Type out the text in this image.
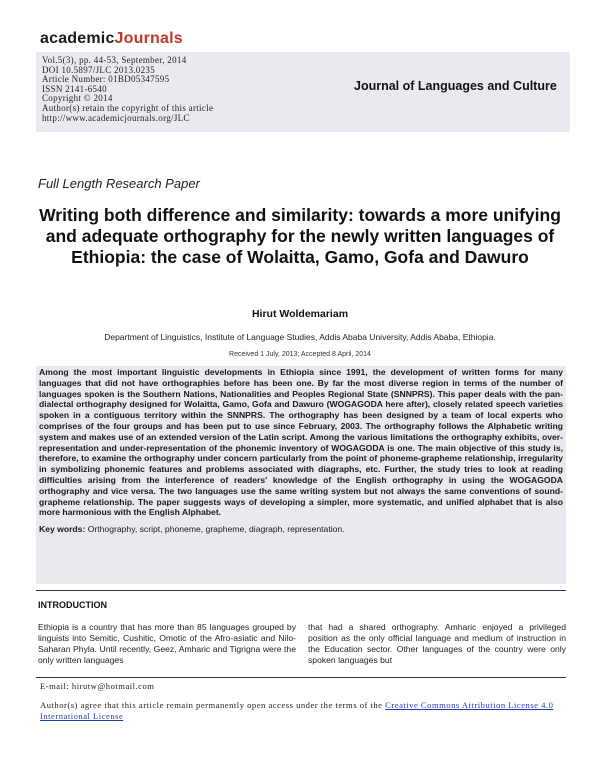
academicJournals
Vol.5(3), pp. 44-53, September, 2014
DOI 10.5897/JLC 2013.0235
Article Number: 01BD05347595
ISSN 2141-6540
Copyright © 2014
Author(s) retain the copyright of this article
http://www.academicjournals.org/JLC
Journal of Languages and Culture
Full Length Research Paper
Writing both difference and similarity: towards a more unifying and adequate orthography for the newly written languages of Ethiopia: the case of Wolaitta, Gamo, Gofa and Dawuro
Hirut Woldemariam
Department of Linguistics, Institute of Language Studies, Addis Ababa University, Addis Ababa, Ethiopia.
Received 1 July, 2013; Accepted 8 April, 2014

Among the most important linguistic developments in Ethiopia since 1991, the development of written forms for many languages that did not have orthographies before has been one. By far the most diverse region in terms of the number of languages spoken is the Southern Nations, Nationalities and Peoples Regional State (SNNPRS). This paper deals with the pan-dialectal orthography designed for Wolaitta, Gamo, Gofa and Dawuro (WOGAGODA here after), closely related speech varieties spoken in a contiguous territory within the SNNPRS. The orthography has been designed by a team of local experts who comprises of the four groups and has been put to use since February, 2003. The orthography follows the Alphabetic writing system and makes use of an extended version of the Latin script. Among the various limitations the orthography exhibits, over-representation and under-representation of the phonemic inventory of WOGAGODA is one. The main objective of this study is, therefore, to examine the orthography under concern particularly from the point of phoneme-grapheme relationship, irregularity in symbolizing phonemic features and problems associated with diagraphs, etc. Further, the study tries to look at reading difficulties arising from the interference of readers' knowledge of the English orthography in using the WOGAGODA orthography and vice versa. The two languages use the same writing system but not always the same conventions of sound-grapheme relationship. The paper suggests ways of developing a simpler, more systematic, and unified alphabet that is also more harmonious with the English Alphabet.

Key words: Orthography, script, phoneme, grapheme, diagraph, representation.

INTRODUCTION
Ethiopia is a country that has more than 85 languages grouped by linguists into Semitic, Cushitic, Omotic of the Afro-asiatic and Nilo-Saharan Phyla. Until recently, Geez, Amharic and Tigrigna were the only written languages
that had a shared orthography. Amharic enjoyed a privileged position as the only official language and medium of instruction in the Education sector. Other languages of the country were only spoken languages but
E-mail: hirutw@hotmail.com
Author(s) agree that this article remain permanently open access under the terms of the Creative Commons Attribution License 4.0 International License
